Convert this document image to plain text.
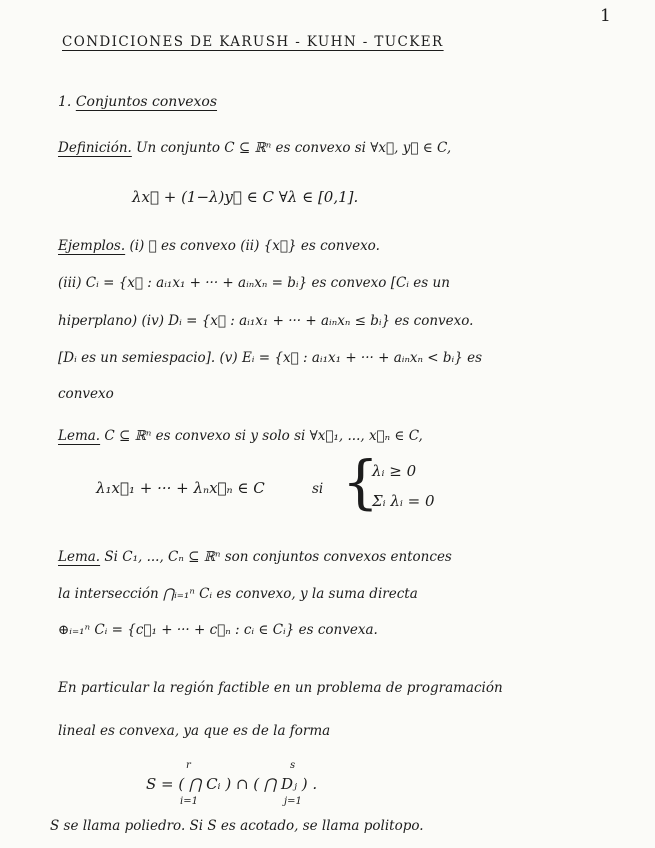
1
CONDICIONES DE KARUSH - KUHN - TUCKER
1. Conjuntos convexos
Definición. Un conjunto C ⊆ ℝⁿ es convexo si ∀x⃗, y⃗ ∈ C,
λx⃗ + (1−λ)y⃗ ∈ C ∀λ ∈ [0,1].
Ejemplos. (i) ∅ es convexo (ii) {x⃗} es convexo.
(iii) Cᵢ = {x⃗ : aᵢ₁x₁ + ··· + aᵢₙxₙ = bᵢ} es convexo [Cᵢ es un
hiperplano) (iv) Dᵢ = {x⃗ : aᵢ₁x₁ + ··· + aᵢₙxₙ ≤ bᵢ} es convexo.
[Dᵢ es un semiespacio]. (v) Eᵢ = {x⃗ : aᵢ₁x₁ + ··· + aᵢₙxₙ < bᵢ} es
convexo
Lema. C ⊆ ℝⁿ es convexo si y solo si ∀x⃗₁, ..., x⃗ₙ ∈ C,
λ₁x⃗₁ + ··· + λₙx⃗ₙ ∈ C	si {
λᵢ ≥ 0
Σᵢ λᵢ = 0
Lema. Si C₁, ..., Cₙ ⊆ ℝⁿ son conjuntos convexos entonces
la intersección ⋂ᵢ₌₁ⁿ Cᵢ es convexo, y la suma directa
⊕ᵢ₌₁ⁿ Cᵢ = {c⃗₁ + ··· + c⃗ₙ : cᵢ ∈ Cᵢ} es convexa.
En particular la región factible en un problema de programación
lineal es convexa, ya que es de la forma
S = ( ⋂ Cᵢ ) ∩ ( ⋂ Dⱼ ) .
r
i=1
s
j=1
S se llama poliedro. Si S es acotado, se llama politopo.
